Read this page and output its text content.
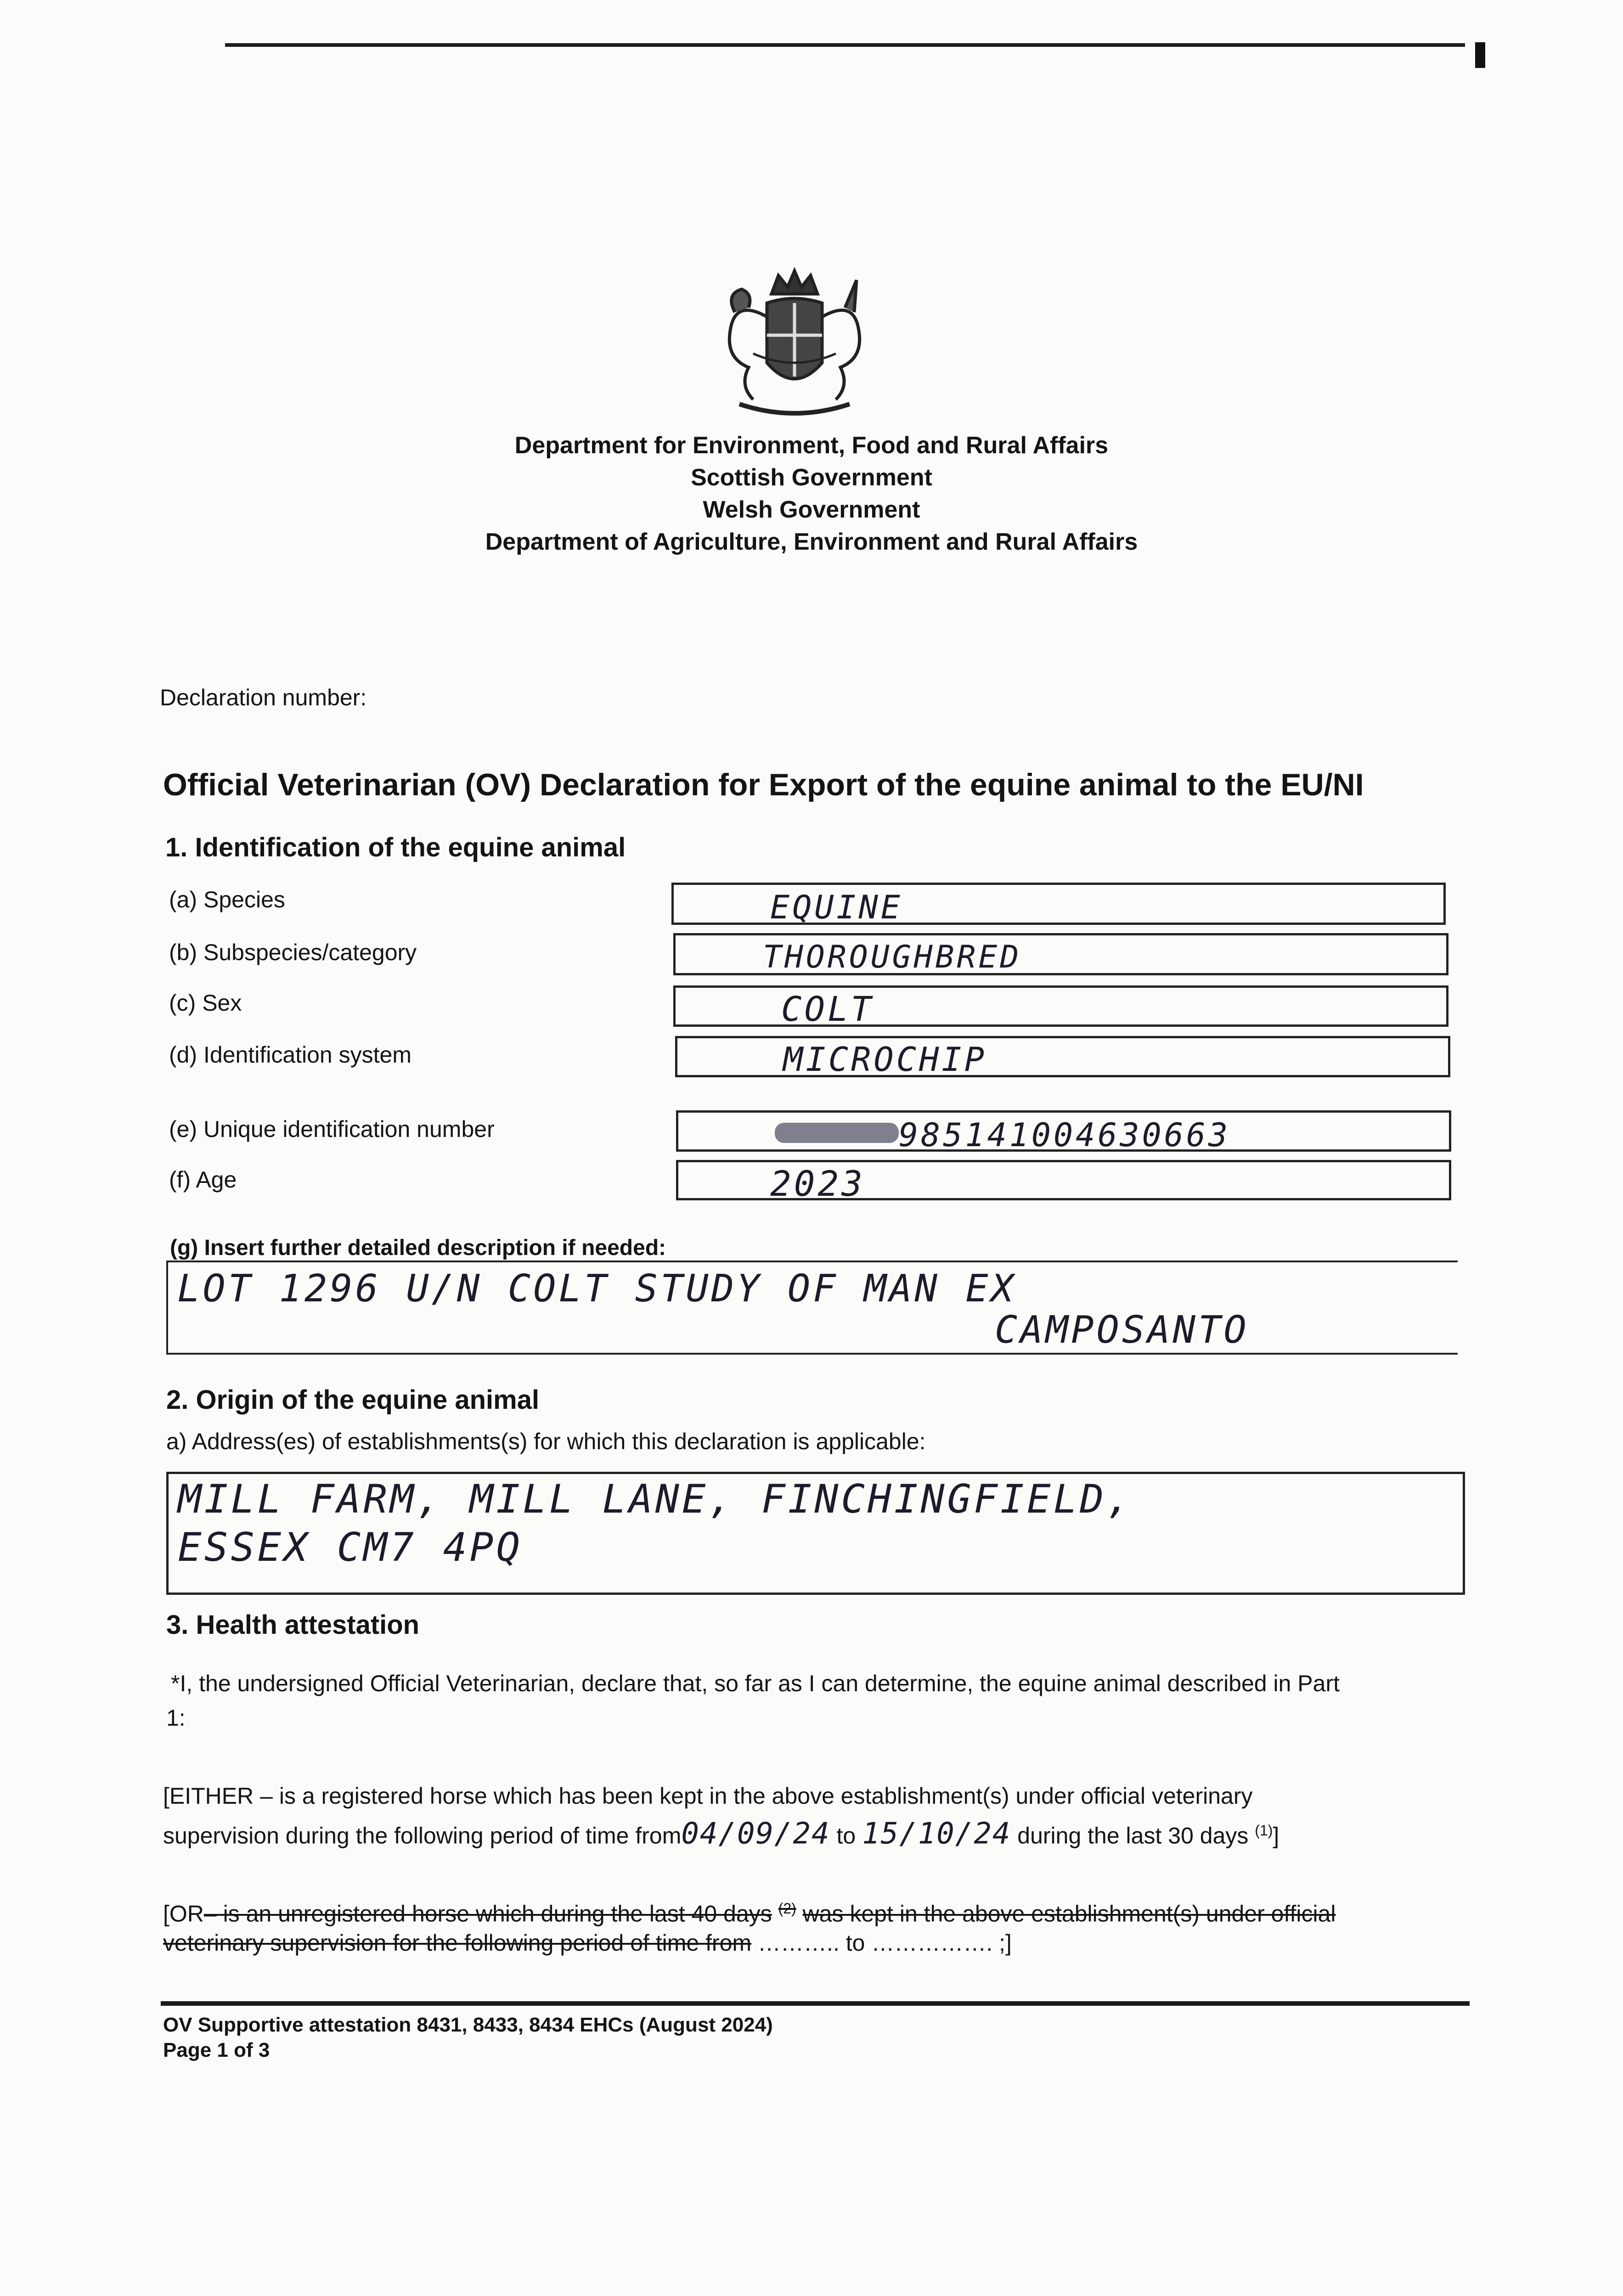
Department for Environment, Food and Rural Affairs
Scottish Government
Welsh Government
Department of Agriculture, Environment and Rural Affairs
Declaration number:
Official Veterinarian (OV) Declaration for Export of the equine animal to the EU/NI
1. Identification of the equine animal
(a) Species	EQUINE
(b) Subspecies/category	THOROUGHBRED
(c) Sex	COLT
(d) Identification system	MICROCHIP
(e) Unique identification number	985141004630663
(f) Age	2023
(g) Insert further detailed description if needed:
LOT 1296 U/N COLT STUDY OF MAN EX
CAMPOSANTO
2. Origin of the equine animal
a) Address(es) of establishments(s) for which this declaration is applicable:
MILL FARM, MILL LANE, FINCHINGFIELD,
ESSEX CM7 4PQ
3. Health attestation
*I, the undersigned Official Veterinarian, declare that, so far as I can determine, the equine animal described in Part
1:
[EITHER – is a registered horse which has been kept in the above establishment(s) under official veterinary
supervision during the following period of time from04/09/24 to 15/10/24 during the last 30 days $^{(1)}$]
[OR– is an unregistered horse which during the last 40 days $^{(2)}$ was kept in the above establishment(s) under official
veterinary supervision for the following period of time from ……….. to ……………. ;]
OV Supportive attestation 8431, 8433, 8434 EHCs (August 2024)
Page 1 of 3
